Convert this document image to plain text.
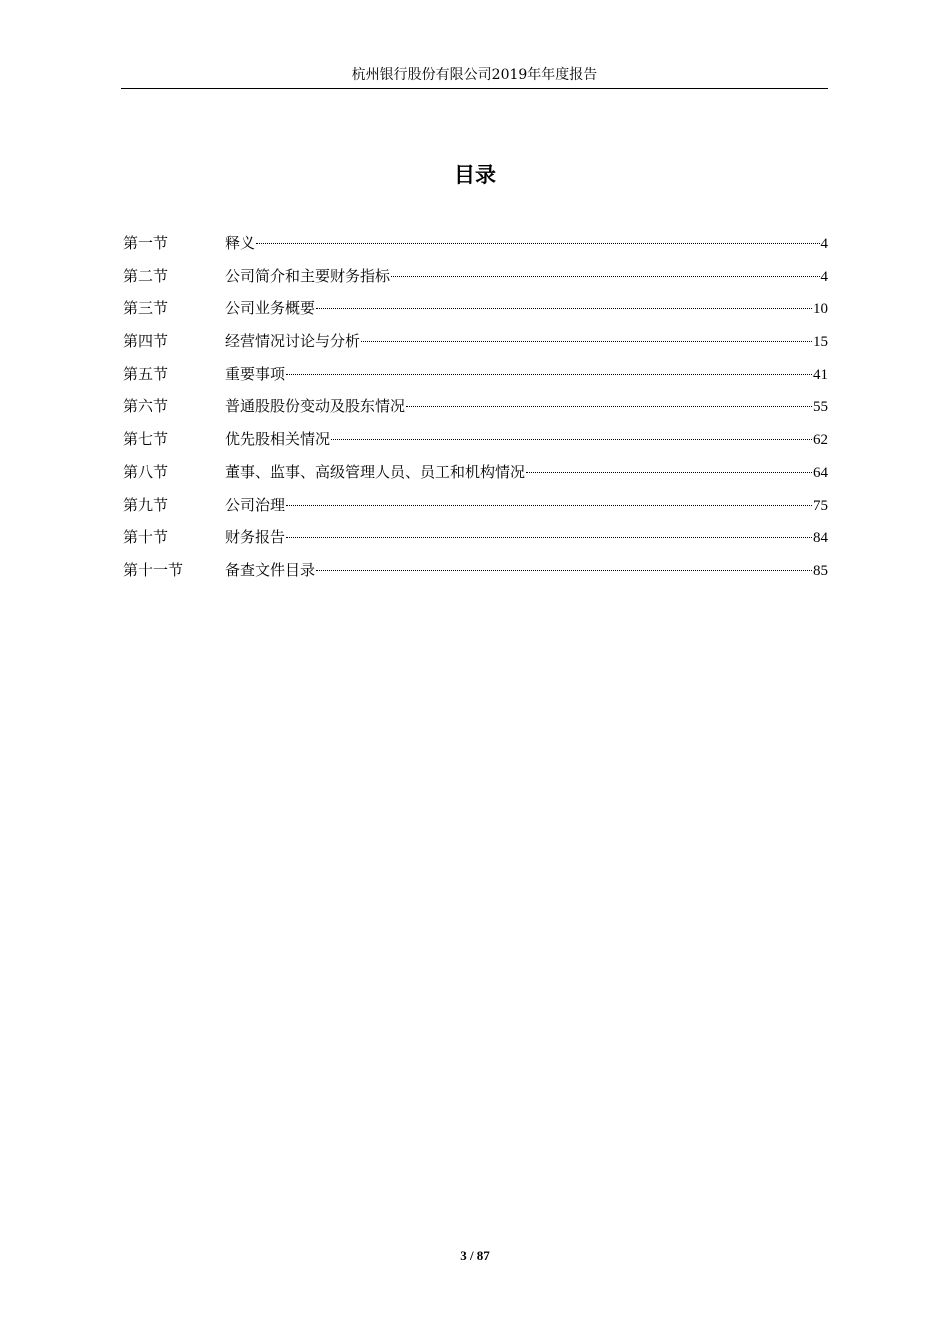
杭州银行股份有限公司2019年年度报告
目录
第一节	释义	4
第二节	公司简介和主要财务指标	4
第三节	公司业务概要	10
第四节	经营情况讨论与分析	15
第五节	重要事项	41
第六节	普通股股份变动及股东情况	55
第七节	优先股相关情况	62
第八节	董事、监事、高级管理人员、员工和机构情况	64
第九节	公司治理	75
第十节	财务报告	84
第十一节	备查文件目录	85
3 / 87
